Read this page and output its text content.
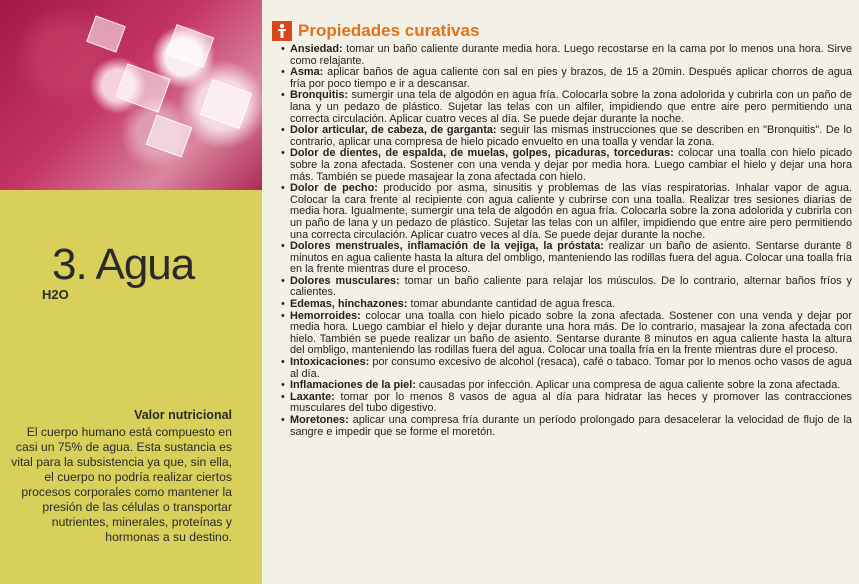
3. Agua
H2O
Valor nutricional

El cuerpo humano está compuesto en casi un 75% de agua. Esta sustancia es vital para la subsistencia ya que, sin ella, el cuerpo no podría realizar ciertos procesos corporales como mantener la presión de las células o transportar nutrientes, minerales, proteínas y hormonas a su destino.

Propiedades curativas
• Ansiedad: tomar un baño caliente durante media hora. Luego recostarse en la cama por lo menos una hora. Sirve como relajante.
• Asma: aplicar baños de agua caliente con sal en pies y brazos, de 15 a 20min. Después aplicar chorros de agua fría por poco tiempo e ir a descansar.
• Bronquitis: sumergir una tela de algodón en agua fría. Colocarla sobre la zona adolorida y cubrirla con un paño de lana y un pedazo de plástico. Sujetar las telas con un alfiler, impidiendo que entre aire pero permitiendo una correcta circulación. Aplicar cuatro veces al día. Se puede dejar durante la noche.
• Dolor articular, de cabeza, de garganta: seguir las mismas instrucciones que se describen en "Bronquitis". De lo contrario, aplicar una compresa de hielo picado envuelto en una toalla y vendar la zona.
• Dolor de dientes, de espalda, de muelas, golpes, picaduras, torceduras: colocar una toalla con hielo picado sobre la zona afectada. Sostener con una venda y dejar por media hora. Luego cambiar el hielo y dejar una hora más. También se puede masajear la zona afectada con hielo.
• Dolor de pecho: producido por asma, sinusitis y problemas de las vías respiratorias. Inhalar vapor de agua. Colocar la cara frente al recipiente con agua caliente y cubrirse con una toalla. Realizar tres sesiones diarias de media hora. Igualmente, sumergir una tela de algodón en agua fría. Colocarla sobre la zona adolorida y cubrirla con un paño de lana y un pedazo de plástico. Sujetar las telas con un alfiler, impidiendo que entre aire pero permitiendo una correcta circulación. Aplicar cuatro veces al día. Se puede dejar durante la noche.
• Dolores menstruales, inflamación de la vejiga, la próstata: realizar un baño de asiento. Sentarse durante 8 minutos en agua caliente hasta la altura del ombligo, manteniendo las rodillas fuera del agua. Colocar una toalla fría en la frente mientras dure el proceso.
• Dolores musculares: tomar un baño caliente para relajar los músculos. De lo contrario, alternar baños fríos y calientes.
• Edemas, hinchazones: tomar abundante cantidad de agua fresca.
• Hemorroides: colocar una toalla con hielo picado sobre la zona afectada. Sostener con una venda y dejar por media hora. Luego cambiar el hielo y dejar durante una hora más. De lo contrario, masajear la zona afectada con hielo. También se puede realizar un baño de asiento. Sentarse durante 8 minutos en agua caliente hasta la altura del ombligo, manteniendo las rodillas fuera del agua. Colocar una toalla fría en la frente mientras dure el proceso.
• Intoxicaciones: por consumo excesivo de alcohol (resaca), café o tabaco. Tomar por lo menos ocho vasos de agua al día.
• Inflamaciones de la piel: causadas por infección. Aplicar una compresa de agua caliente sobre la zona afectada.
• Laxante: tomar por lo menos 8 vasos de agua al día para hidratar las heces y promover las contracciones musculares del tubo digestivo.
• Moretones: aplicar una compresa fría durante un período prolongado para desacelerar la velocidad de flujo de la sangre e impedir que se forme el moretón.
